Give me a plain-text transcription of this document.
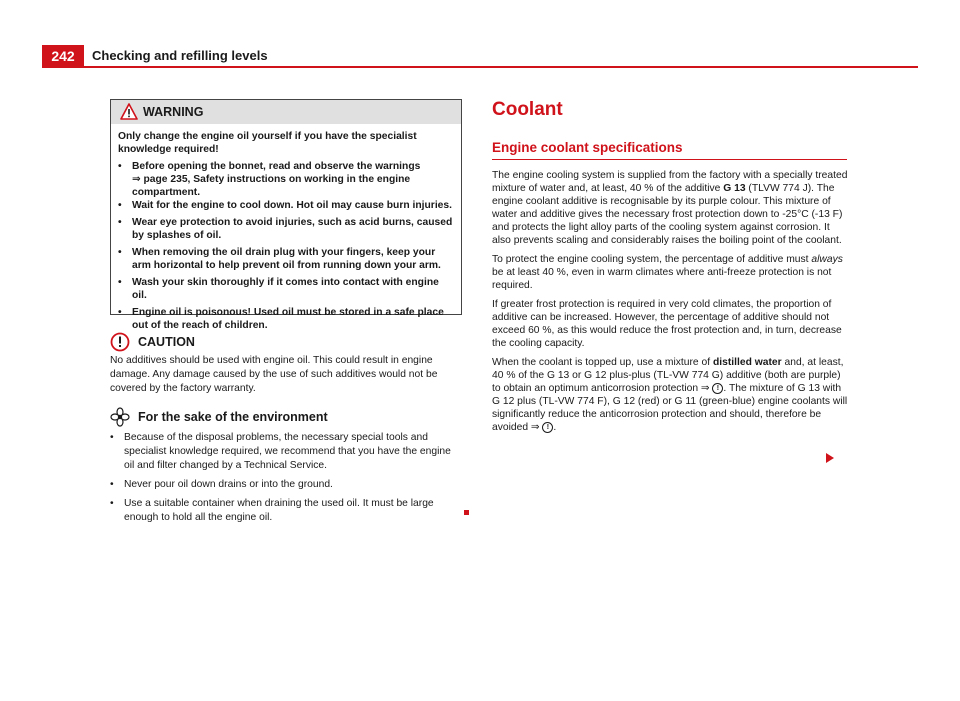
242	Checking and refilling levels
WARNING

Only change the engine oil yourself if you have the specialist knowledge required!

•	Before opening the bonnet, read and observe the warnings
⇒ page 235, Safety instructions on working in the engine compartment.
•	Wait for the engine to cool down. Hot oil may cause burn injuries.
•	Wear eye protection to avoid injuries, such as acid burns, caused by splashes of oil.
•	When removing the oil drain plug with your fingers, keep your arm horizontal to help prevent oil from running down your arm.
•	Wash your skin thoroughly if it comes into contact with engine oil.
•	Engine oil is poisonous! Used oil must be stored in a safe place out of the reach of children.
CAUTION
No additives should be used with engine oil. This could result in engine damage. Any damage caused by the use of such additives would not be covered by the factory warranty.
For the sake of the environment
•	Because of the disposal problems, the necessary special tools and specialist knowledge required, we recommend that you have the engine oil and filter changed by a Technical Service.
•	Never pour oil down drains or into the ground.
•	Use a suitable container when draining the used oil. It must be large enough to hold all the engine oil.
Coolant
Engine coolant specifications

The engine cooling system is supplied from the factory with a specially treated mixture of water and, at least, 40 % of the additive G 13 (TLVW 774 J). The engine coolant additive is recognisable by its purple colour. This mixture of water and additive gives the necessary frost protection down to -25°C (-13 F) and protects the light alloy parts of the cooling system against corrosion. It also prevents scaling and considerably raises the boiling point of the coolant.

To protect the engine cooling system, the percentage of additive must always be at least 40 %, even in warm climates where anti-freeze protection is not required.

If greater frost protection is required in very cold climates, the proportion of additive can be increased. However, the percentage of additive should not exceed 60 %, as this would reduce the frost protection and, in turn, decrease the cooling capacity.

When the coolant is topped up, use a mixture of distilled water and, at least, 40 % of the G 13 or G 12 plus-plus (TL-VW 774 G) additive (both are purple) to obtain an optimum anticorrosion protection ⇒ ! . The mixture of G 13 with G 12 plus (TL-VW 774 F), G 12 (red) or G 11 (green-blue) engine coolants will significantly reduce the anticorrosion protection and should, therefore be avoided ⇒ ! .
